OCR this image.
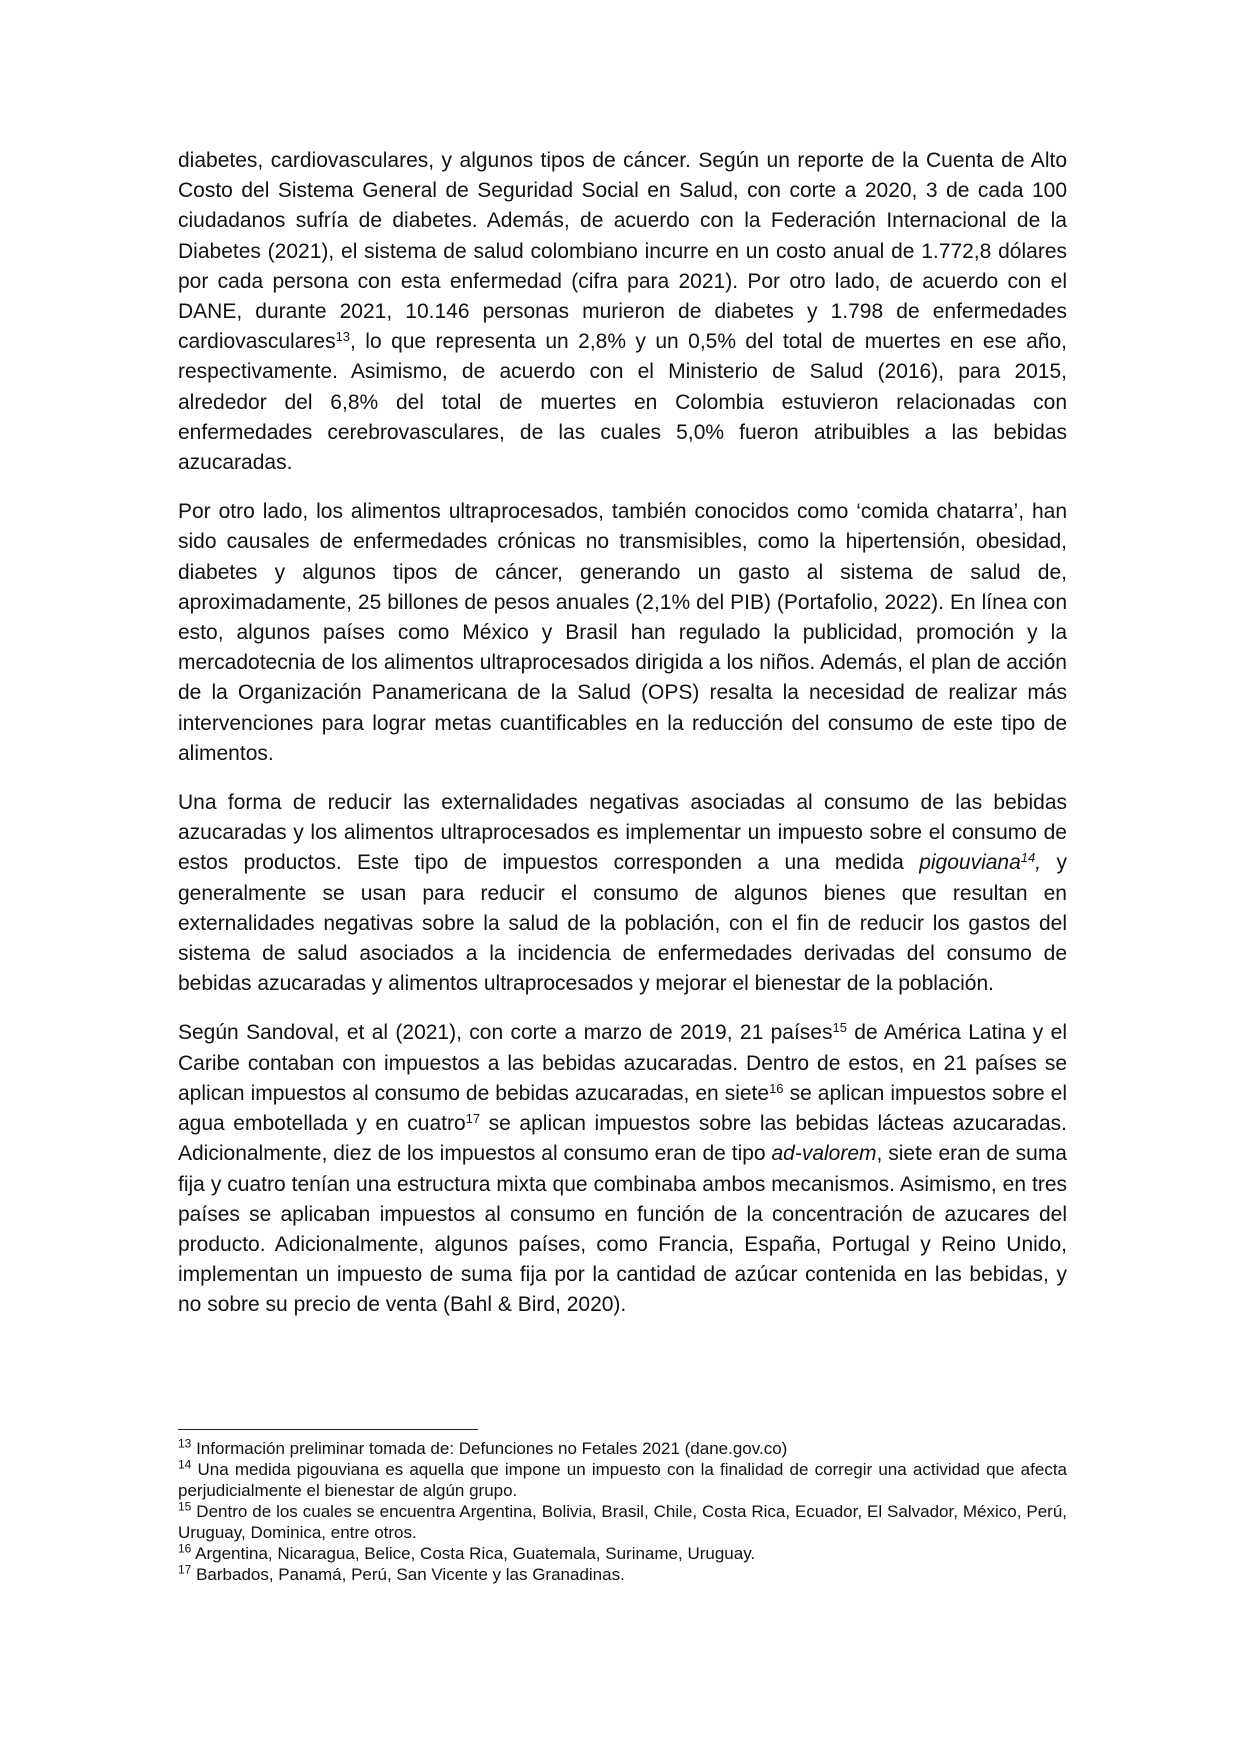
diabetes, cardiovasculares, y algunos tipos de cáncer. Según un reporte de la Cuenta de Alto Costo del Sistema General de Seguridad Social en Salud, con corte a 2020, 3 de cada 100 ciudadanos sufría de diabetes. Además, de acuerdo con la Federación Internacional de la Diabetes (2021), el sistema de salud colombiano incurre en un costo anual de 1.772,8 dólares por cada persona con esta enfermedad (cifra para 2021). Por otro lado, de acuerdo con el DANE, durante 2021, 10.146 personas murieron de diabetes y 1.798 de enfermedades cardiovasculares$^{13}$, lo que representa un 2,8% y un 0,5% del total de muertes en ese año, respectivamente. Asimismo, de acuerdo con el Ministerio de Salud (2016), para 2015, alrededor del 6,8% del total de muertes en Colombia estuvieron relacionadas con enfermedades cerebrovasculares, de las cuales 5,0% fueron atribuibles a las bebidas azucaradas.

Por otro lado, los alimentos ultraprocesados, también conocidos como ‘comida chatarra’, han sido causales de enfermedades crónicas no transmisibles, como la hipertensión, obesidad, diabetes y algunos tipos de cáncer, generando un gasto al sistema de salud de, aproximadamente, 25 billones de pesos anuales (2,1% del PIB) (Portafolio, 2022). En línea con esto, algunos países como México y Brasil han regulado la publicidad, promoción y la mercadotecnia de los alimentos ultraprocesados dirigida a los niños. Además, el plan de acción de la Organización Panamericana de la Salud (OPS) resalta la necesidad de realizar más intervenciones para lograr metas cuantificables en la reducción del consumo de este tipo de alimentos.

Una forma de reducir las externalidades negativas asociadas al consumo de las bebidas azucaradas y los alimentos ultraprocesados es implementar un impuesto sobre el consumo de estos productos. Este tipo de impuestos corresponden a una medida pigouviana$^{14}$, y generalmente se usan para reducir el consumo de algunos bienes que resultan en externalidades negativas sobre la salud de la población, con el fin de reducir los gastos del sistema de salud asociados a la incidencia de enfermedades derivadas del consumo de bebidas azucaradas y alimentos ultraprocesados y mejorar el bienestar de la población.

Según Sandoval, et al (2021), con corte a marzo de 2019, 21 países$^{15}$ de América Latina y el Caribe contaban con impuestos a las bebidas azucaradas. Dentro de estos, en 21 países se aplican impuestos al consumo de bebidas azucaradas, en siete$^{16}$ se aplican impuestos sobre el agua embotellada y en cuatro$^{17}$ se aplican impuestos sobre las bebidas lácteas azucaradas. Adicionalmente, diez de los impuestos al consumo eran de tipo ad-valorem, siete eran de suma fija y cuatro tenían una estructura mixta que combinaba ambos mecanismos. Asimismo, en tres países se aplicaban impuestos al consumo en función de la concentración de azucares del producto. Adicionalmente, algunos países, como Francia, España, Portugal y Reino Unido, implementan un impuesto de suma fija por la cantidad de azúcar contenida en las bebidas, y no sobre su precio de venta (Bahl & Bird, 2020).

$^{13}$ Información preliminar tomada de: Defunciones no Fetales 2021 (dane.gov.co)

$^{14}$ Una medida pigouviana es aquella que impone un impuesto con la finalidad de corregir una actividad que afecta perjudicialmente el bienestar de algún grupo.

$^{15}$ Dentro de los cuales se encuentra Argentina, Bolivia, Brasil, Chile, Costa Rica, Ecuador, El Salvador, México, Perú, Uruguay, Dominica, entre otros.

$^{16}$ Argentina, Nicaragua, Belice, Costa Rica, Guatemala, Suriname, Uruguay.

$^{17}$ Barbados, Panamá, Perú, San Vicente y las Granadinas.
